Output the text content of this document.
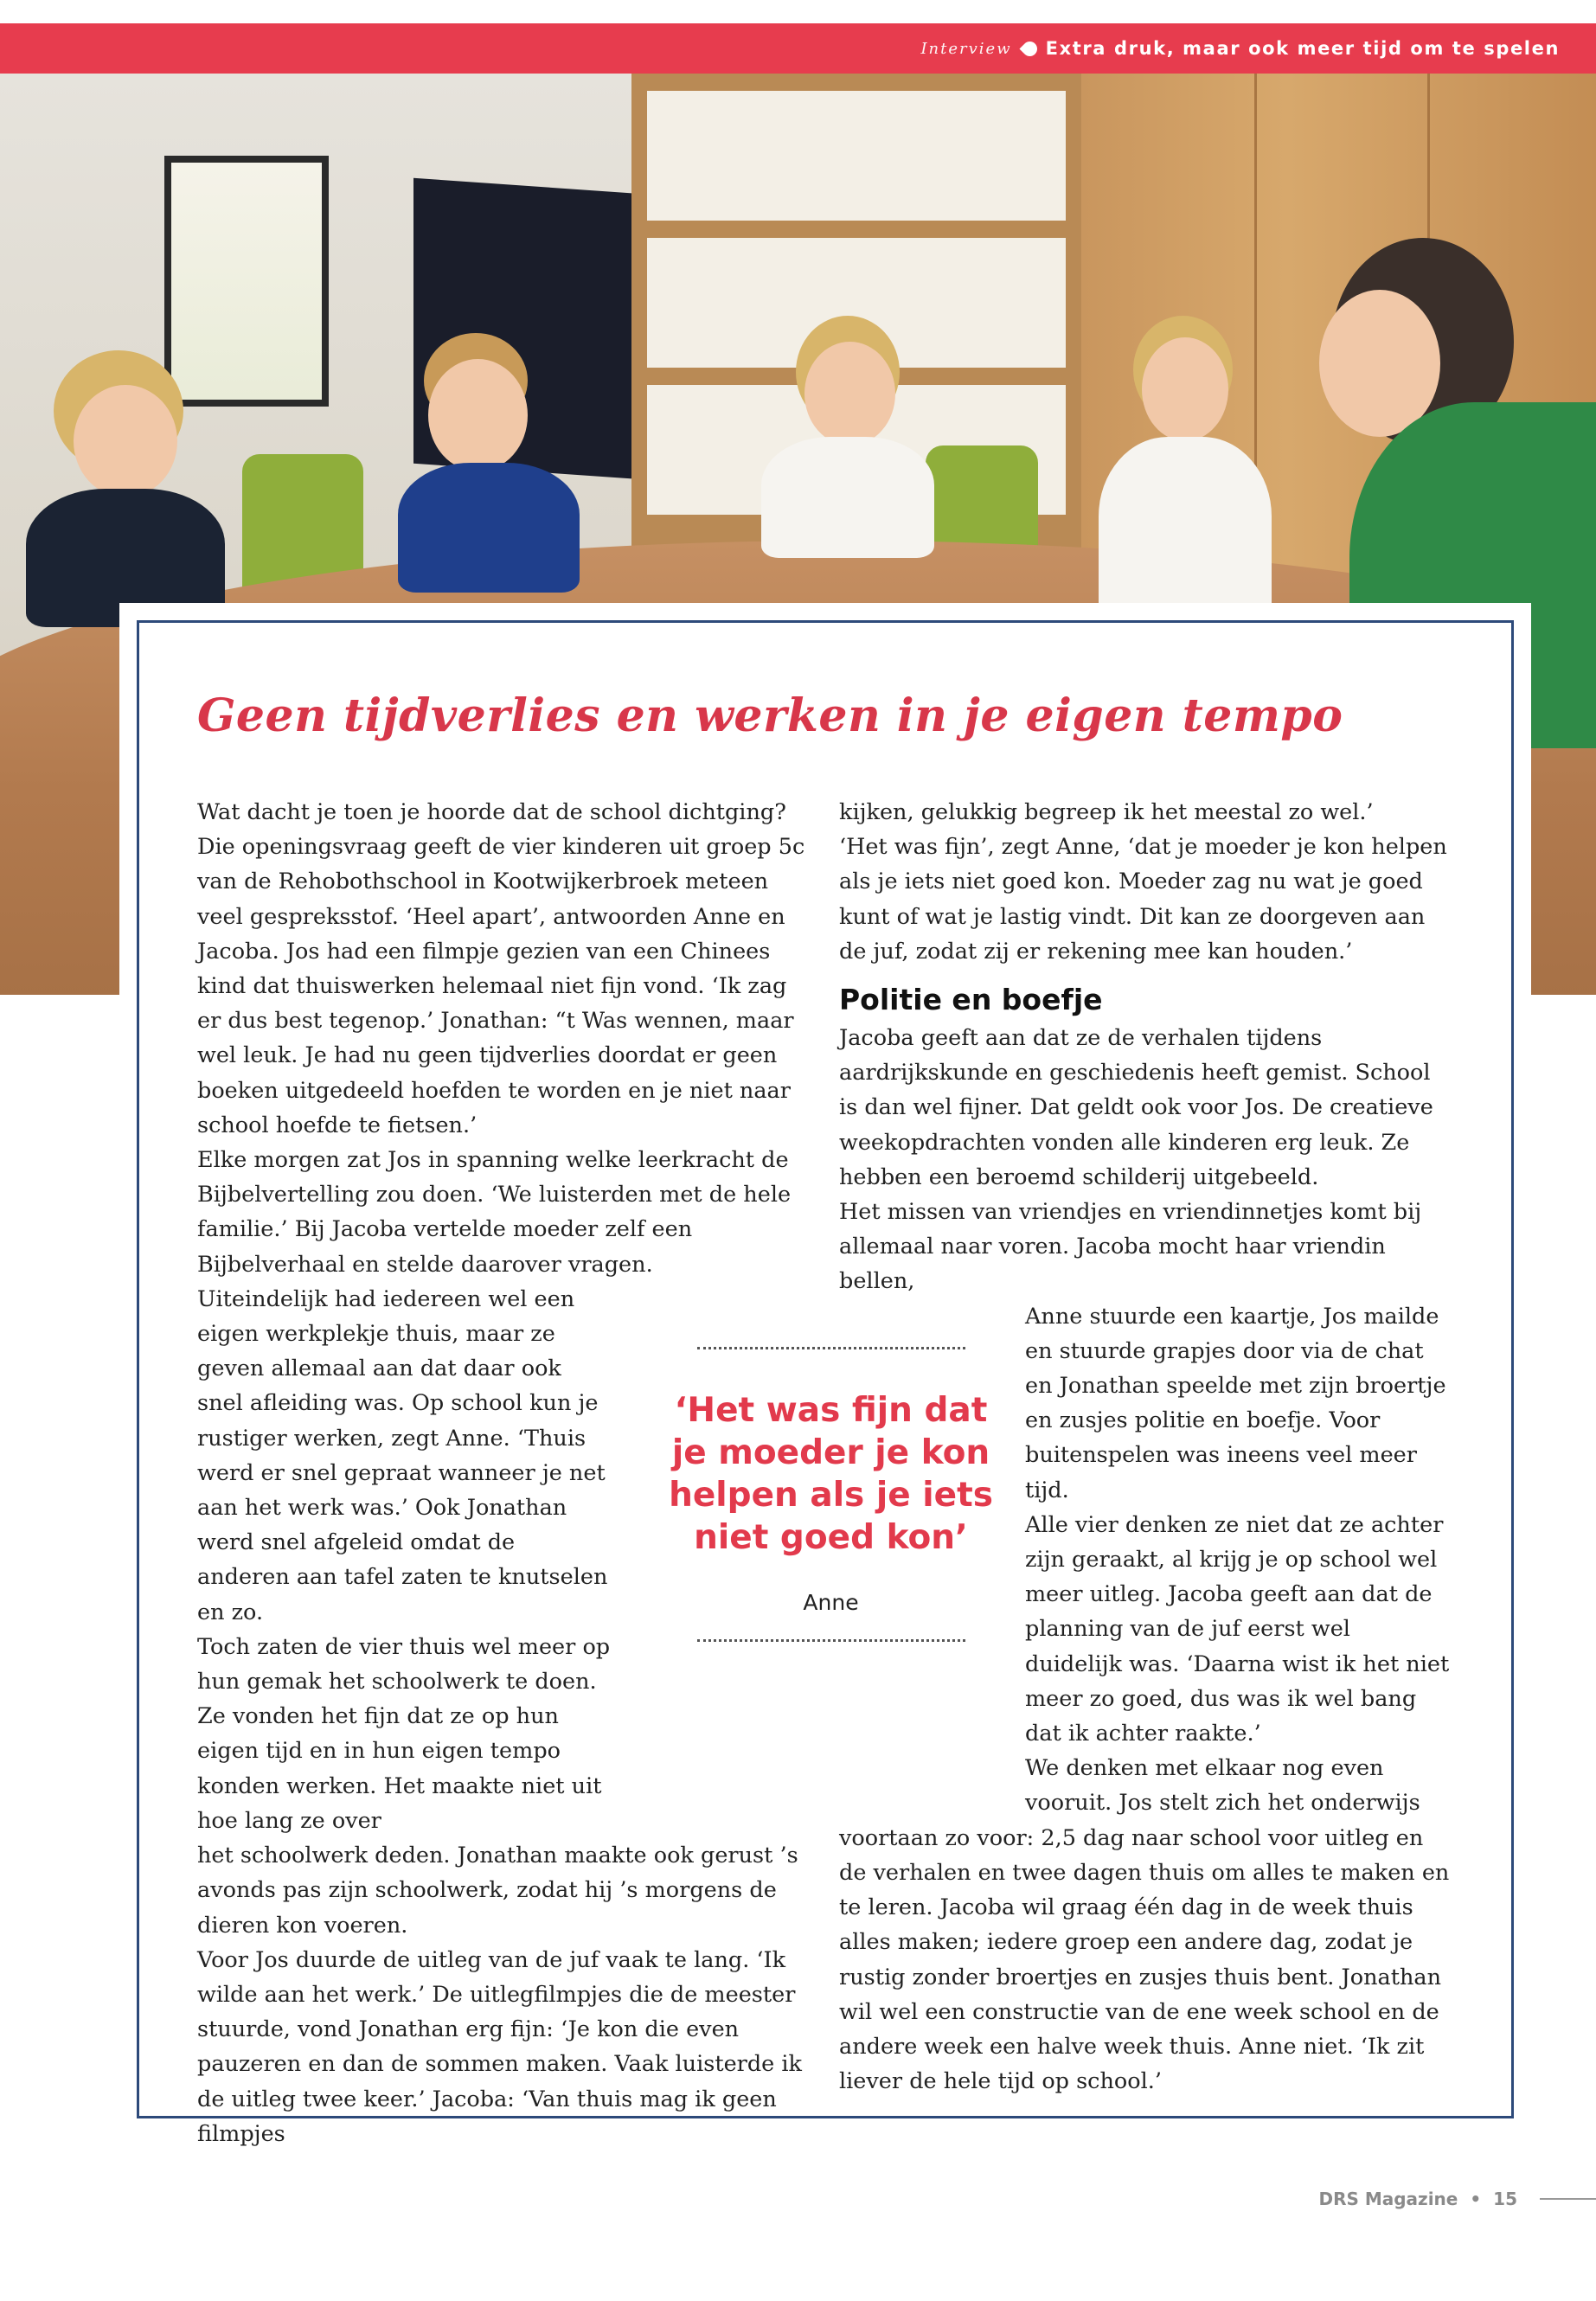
Interview Extra druk, maar ook meer tijd om te spelen
Geen tijdverlies en werken in je eigen tempo

Wat dacht je toen je hoorde dat de school dichtging? Die openingsvraag geeft de vier kinderen uit groep 5c van de Rehobothschool in Kootwijkerbroek meteen veel gespreksstof. ‘Heel apart’, antwoorden Anne en Jacoba. Jos had een filmpje gezien van een Chinees kind dat thuiswerken helemaal niet fijn vond. ‘Ik zag er dus best tegenop.’ Jonathan: “t Was wennen, maar wel leuk. Je had nu geen tijdverlies doordat er geen boeken uitgedeeld hoefden te worden en je niet naar school hoefde te fietsen.’

Elke morgen zat Jos in spanning welke leerkracht de Bijbelvertelling zou doen. ‘We luisterden met de hele familie.’ Bij Jacoba vertelde moeder zelf een Bijbelverhaal en stelde daarover vragen.

Uiteindelijk had iedereen wel een eigen werkplekje thuis, maar ze geven allemaal aan dat daar ook snel afleiding was. Op school kun je rustiger werken, zegt Anne. ‘Thuis werd er snel gepraat wanneer je net aan het werk was.’ Ook Jonathan werd snel afgeleid omdat de anderen aan tafel zaten te knutselen en zo.

Toch zaten de vier thuis wel meer op hun gemak het schoolwerk te doen. Ze vonden het fijn dat ze op hun eigen tijd en in hun eigen tempo konden werken. Het maakte niet uit hoe lang ze over

het schoolwerk deden. Jonathan maakte ook gerust ’s avonds pas zijn schoolwerk, zodat hij ’s morgens de dieren kon voeren.

Voor Jos duurde de uitleg van de juf vaak te lang. ‘Ik wilde aan het werk.’ De uitlegfilmpjes die de meester stuurde, vond Jonathan erg fijn: ‘Je kon die even pauzeren en dan de sommen maken. Vaak luisterde ik de uitleg twee keer.’ Jacoba: ‘Van thuis mag ik geen filmpjes

kijken, gelukkig begreep ik het meestal zo wel.’

‘Het was fijn’, zegt Anne, ‘dat je moeder je kon helpen als je iets niet goed kon. Moeder zag nu wat je goed kunt of wat je lastig vindt. Dit kan ze doorgeven aan de juf, zodat zij er rekening mee kan houden.’

Politie en boefje

Jacoba geeft aan dat ze de verhalen tijdens aardrijkskunde en geschiedenis heeft gemist. School is dan wel fijner. Dat geldt ook voor Jos. De creatieve weekopdrachten vonden alle kinderen erg leuk. Ze hebben een beroemd schilderij uitgebeeld.

Het missen van vriendjes en vriendinnetjes komt bij allemaal naar voren. Jacoba mocht haar vriendin bellen,

Anne stuurde een kaartje, Jos mailde en stuurde grapjes door via de chat en Jonathan speelde met zijn broertje en zusjes politie en boefje. Voor buitenspelen was ineens veel meer tijd.

Alle vier denken ze niet dat ze achter zijn geraakt, al krijg je op school wel meer uitleg. Jacoba geeft aan dat de planning van de juf eerst wel duidelijk was. ‘Daarna wist ik het niet meer zo goed, dus was ik wel bang dat ik achter raakte.’

We denken met elkaar nog even vooruit. Jos stelt zich het onderwijs

voortaan zo voor: 2,5 dag naar school voor uitleg en de verhalen en twee dagen thuis om alles te maken en te leren. Jacoba wil graag één dag in de week thuis alles maken; iedere groep een andere dag, zodat je rustig zonder broertjes en zusjes thuis bent. Jonathan wil wel een constructie van de ene week school en de andere week een halve week thuis. Anne niet. ‘Ik zit liever de hele tijd op school.’

‘Het was fijn dat je moeder je kon helpen als je iets niet goed kon’
Anne
DRS Magazine • 15
